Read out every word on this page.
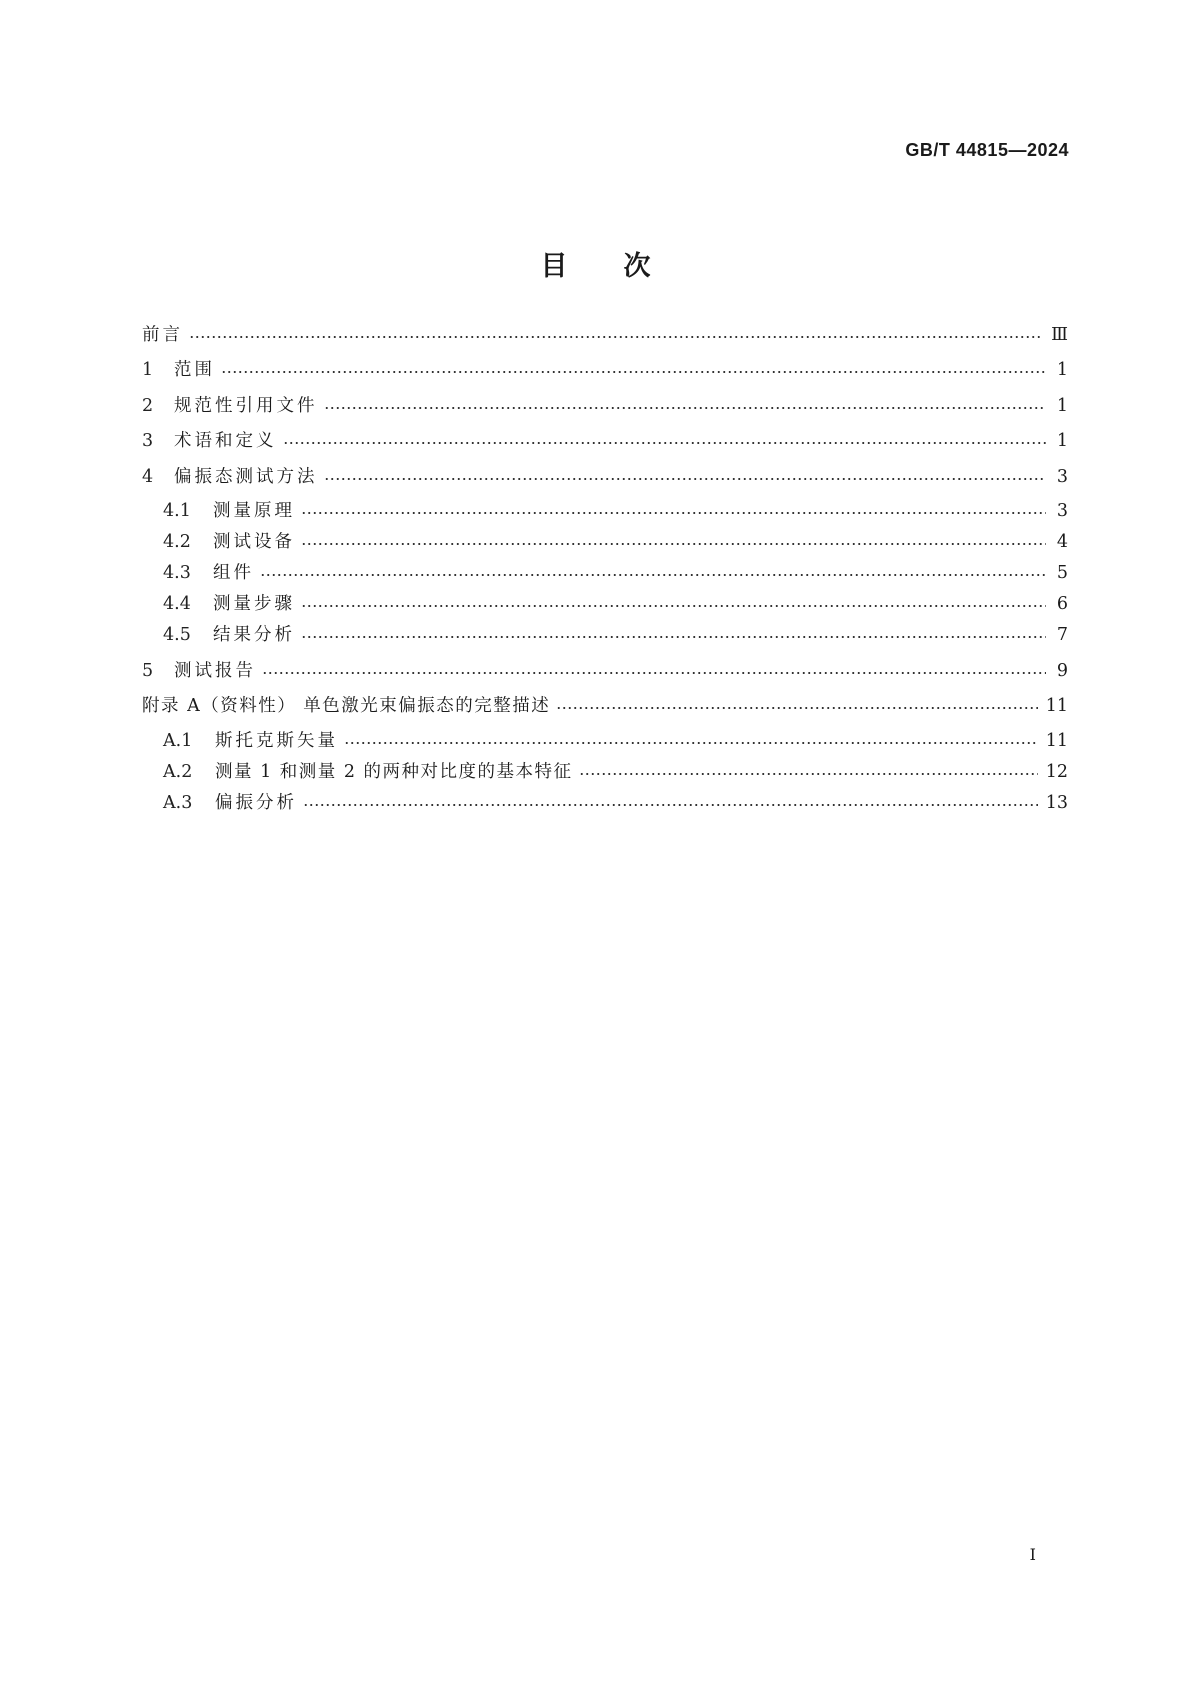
GB/T 44815—2024
目次
前言	Ⅲ
1	范围	1
2	规范性引用文件	1
3	术语和定义	1
4	偏振态测试方法	3
4.1	测量原理	3
4.2	测试设备	4
4.3	组件	5
4.4	测量步骤	6
4.5	结果分析	7
5	测试报告	9
附录 A（资料性） 单色激光束偏振态的完整描述	11
A.1	斯托克斯矢量	11
A.2	测量 1 和测量 2 的两种对比度的基本特征	12
A.3	偏振分析	13
I
